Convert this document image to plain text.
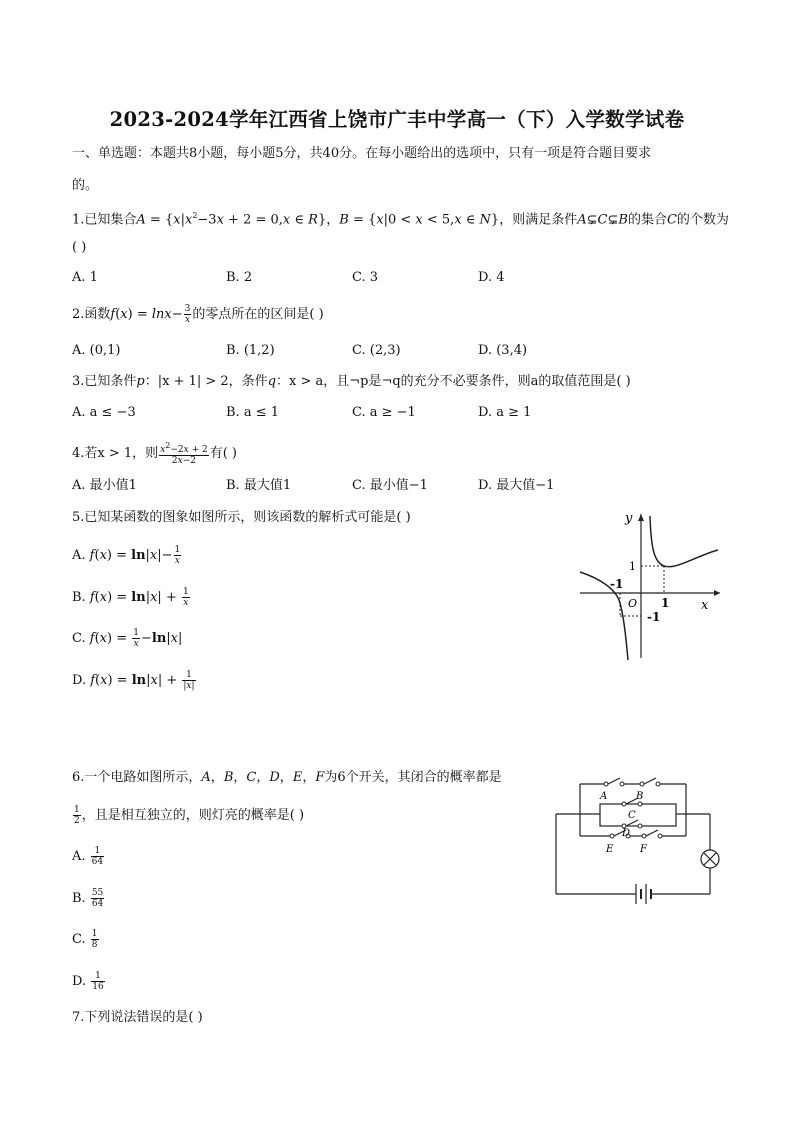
2023-2024学年江西省上饶市广丰中学高一（下）入学数学试卷
一、单选题：本题共8小题，每小题5分，共40分。在每小题给出的选项中，只有一项是符合题目要求
的。
1.已知集合$A = \{x|x^2-3x + 2 = 0,x$ ∈ R}，B = {x|0 < x < 5,x ∈ N}，则满足条件A⊊C⊊B的集合C的个数为
( )
A. 1	B. 2	C. 3	D. 4
2.函数$f(x) = \ln x- \frac{3}{x}$ 的零点所在的区间是( )
A. (0,1)	B. (1,2)	C. (2,3)	D. (3,4)
3.已知条件p：|x + 1| > 2，条件q：x > a，且¬p是¬q的充分不必要条件，则a的取值范围是( )
A. a ≤ −3	B. a ≤ 1	C. a ≥ −1	D. a ≥ 1
4.若x > 1，则 $\frac{x^2-2x + 2}{2x-2}$ 有( )
A. 最小值1	B. 最大值1	C. 最小值−1	D. 最大值−1
5.已知某函数的图象如图所示，则该函数的解析式可能是( )
A. $f(x) = \ln|x|- \frac{1}{x}$
B. $f(x) = \ln|x| + \frac{1}{x}$
C. $f(x) = \frac{1}{x} -\ln|x|$
D. $f(x) = \ln|x| + \frac{1}{|x|}$
y
x
1
-1
O 1
-1
6.一个电路如图所示，A，B，C，D，E，F为6个开关，其闭合的概率都是
$\frac{1}{2}$ ，且是相互独立的，则灯亮的概率是( )
A. $\frac{1}{64}$
B. $\frac{55}{64}$
C. $\frac{1}{8}$
D. $\frac{1}{16}$
A	B
C
D
E	F
7.下列说法错误的是( )
